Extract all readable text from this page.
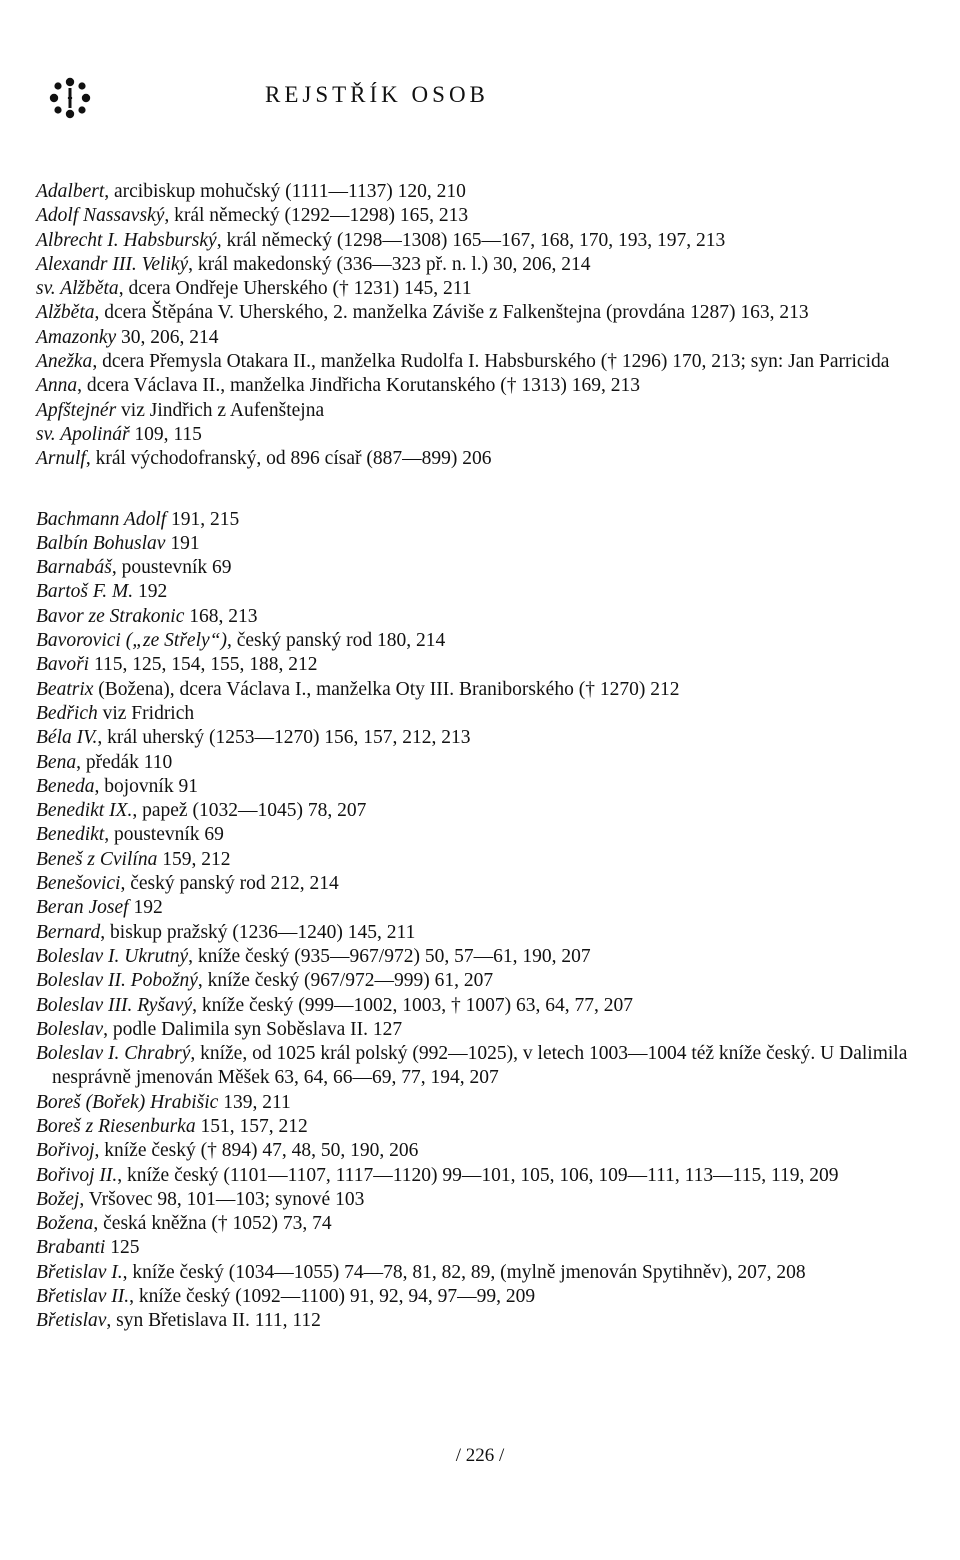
REJSTŘÍK OSOB
Adalbert, arcibiskup mohučský (1111—1137) 120, 210
Adolf Nassavský, král německý (1292—1298) 165, 213
Albrecht I. Habsburský, král německý (1298—1308) 165—167, 168, 170, 193, 197, 213
Alexandr III. Veliký, král makedonský (336—323 př. n. l.) 30, 206, 214
sv. Alžběta, dcera Ondřeje Uherského († 1231) 145, 211
Alžběta, dcera Štěpána V. Uherského, 2. manželka Záviše z Falkenštejna (provdána 1287) 163, 213
Amazonky 30, 206, 214
Anežka, dcera Přemysla Otakara II., manželka Rudolfa I. Habsburského († 1296) 170, 213; syn: Jan Parricida
Anna, dcera Václava II., manželka Jindřicha Korutanského († 1313) 169, 213
Apfštejnér viz Jindřich z Aufenštejna
sv. Apolinář 109, 115
Arnulf, král východofranský, od 896 císař (887—899) 206
Bachmann Adolf 191, 215
Balbín Bohuslav 191
Barnabáš, poustevník 69
Bartoš F. M. 192
Bavor ze Strakonic 168, 213
Bavorovici („ze Střely“), český panský rod 180, 214
Bavoři 115, 125, 154, 155, 188, 212
Beatrix (Božena), dcera Václava I., manželka Oty III. Braniborského († 1270) 212
Bedřich viz Fridrich
Béla IV., král uherský (1253—1270) 156, 157, 212, 213
Bena, předák 110
Beneda, bojovník 91
Benedikt IX., papež (1032—1045) 78, 207
Benedikt, poustevník 69
Beneš z Cvilína 159, 212
Benešovici, český panský rod 212, 214
Beran Josef 192
Bernard, biskup pražský (1236—1240) 145, 211
Boleslav I. Ukrutný, kníže český (935—967/972) 50, 57—61, 190, 207
Boleslav II. Pobožný, kníže český (967/972—999) 61, 207
Boleslav III. Ryšavý, kníže český (999—1002, 1003, † 1007) 63, 64, 77, 207
Boleslav, podle Dalimila syn Soběslava II. 127
Boleslav I. Chrabrý, kníže, od 1025 král polský (992—1025), v letech 1003—1004 též kníže český. U Dalimila nesprávně jmenován Měšek 63, 64, 66—69, 77, 194, 207
Boreš (Bořek) Hrabišic 139, 211
Boreš z Riesenburka 151, 157, 212
Bořivoj, kníže český († 894) 47, 48, 50, 190, 206
Bořivoj II., kníže český (1101—1107, 1117—1120) 99—101, 105, 106, 109—111, 113—115, 119, 209
Božej, Vršovec 98, 101—103; synové 103
Božena, česká kněžna († 1052) 73, 74
Brabanti 125
Břetislav I., kníže český (1034—1055) 74—78, 81, 82, 89, (mylně jmenován Spytihněv), 207, 208
Břetislav II., kníže český (1092—1100) 91, 92, 94, 97—99, 209
Břetislav, syn Břetislava II. 111, 112
/ 226 /
